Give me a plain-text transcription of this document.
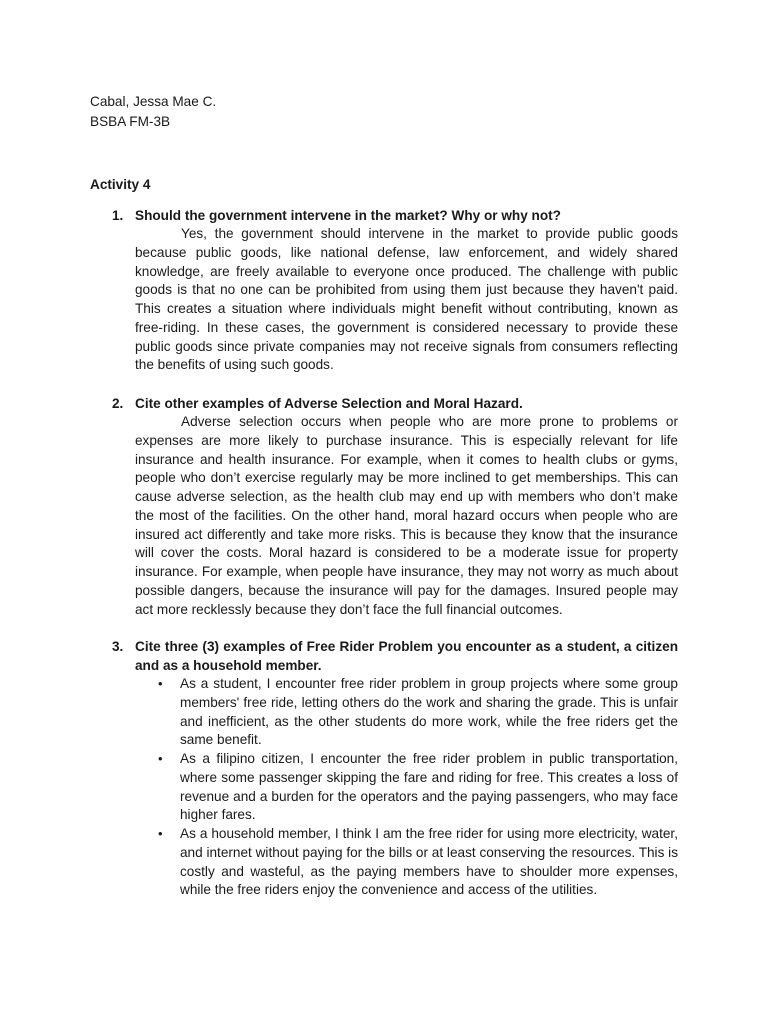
Cabal, Jessa Mae C.
BSBA FM-3B
Activity 4
1. Should the government intervene in the market? Why or why not?
Yes, the government should intervene in the market to provide public goods because public goods, like national defense, law enforcement, and widely shared knowledge, are freely available to everyone once produced. The challenge with public goods is that no one can be prohibited from using them just because they haven't paid. This creates a situation where individuals might benefit without contributing, known as free-riding. In these cases, the government is considered necessary to provide these public goods since private companies may not receive signals from consumers reflecting the benefits of using such goods.
2. Cite other examples of Adverse Selection and Moral Hazard.
Adverse selection occurs when people who are more prone to problems or expenses are more likely to purchase insurance. This is especially relevant for life insurance and health insurance. For example, when it comes to health clubs or gyms, people who don’t exercise regularly may be more inclined to get memberships. This can cause adverse selection, as the health club may end up with members who don’t make the most of the facilities. On the other hand, moral hazard occurs when people who are insured act differently and take more risks. This is because they know that the insurance will cover the costs. Moral hazard is considered to be a moderate issue for property insurance. For example, when people have insurance, they may not worry as much about possible dangers, because the insurance will pay for the damages. Insured people may act more recklessly because they don’t face the full financial outcomes.
3. Cite three (3) examples of Free Rider Problem you encounter as a student, a citizen and as a household member.
• As a student, I encounter free rider problem in group projects where some group members' free ride, letting others do the work and sharing the grade. This is unfair and inefficient, as the other students do more work, while the free riders get the same benefit.
• As a filipino citizen, I encounter the free rider problem in public transportation, where some passenger skipping the fare and riding for free. This creates a loss of revenue and a burden for the operators and the paying passengers, who may face higher fares.
• As a household member, I think I am the free rider for using more electricity, water, and internet without paying for the bills or at least conserving the resources. This is costly and wasteful, as the paying members have to shoulder more expenses, while the free riders enjoy the convenience and access of the utilities.
